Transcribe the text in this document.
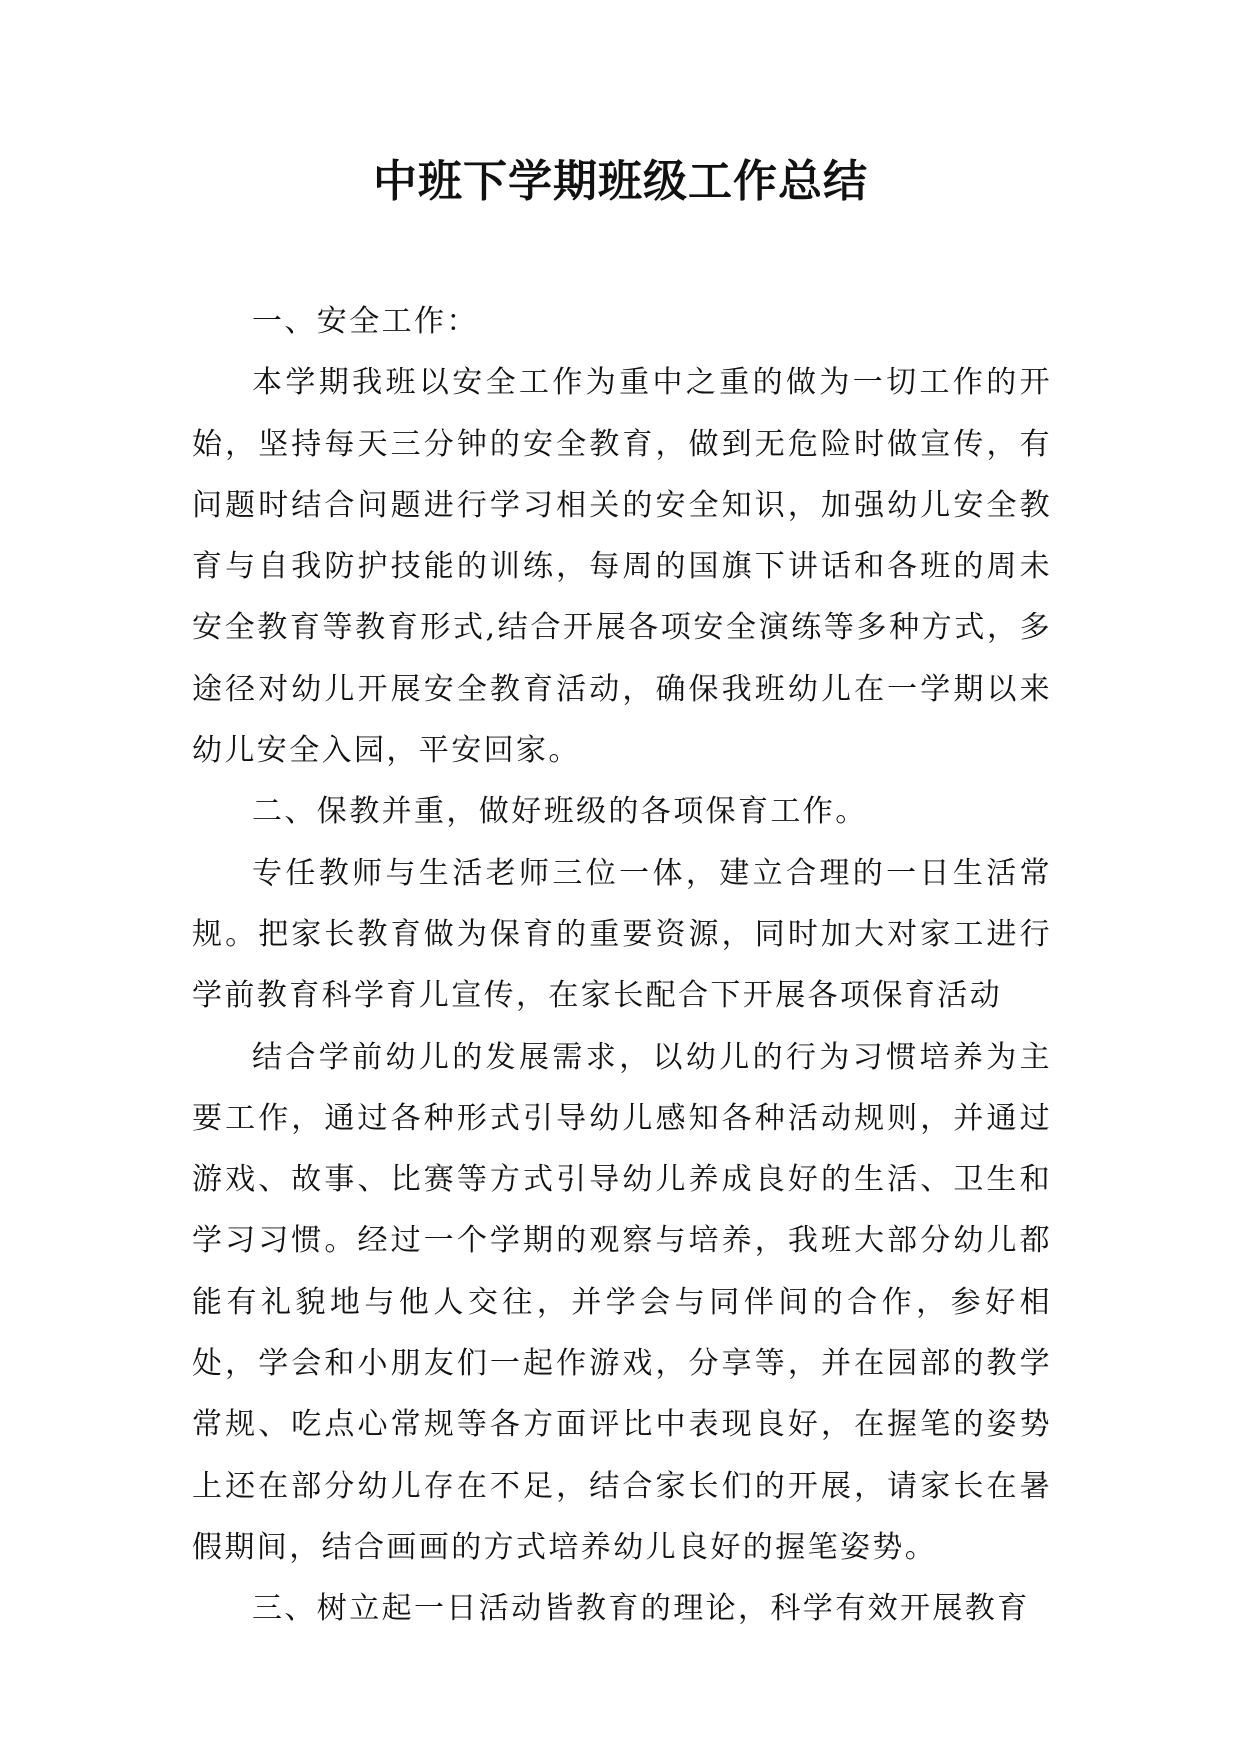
中班下学期班级工作总结

一、安全工作：

本学期我班以安全工作为重中之重的做为一切工作的开始，坚持每天三分钟的安全教育，做到无危险时做宣传，有问题时结合问题进行学习相关的安全知识，加强幼儿安全教育与自我防护技能的训练，每周的国旗下讲话和各班的周未安全教育等教育形式,结合开展各项安全演练等多种方式，多途径对幼儿开展安全教育活动，确保我班幼儿在一学期以来幼儿安全入园，平安回家。

二、保教并重，做好班级的各项保育工作。

专任教师与生活老师三位一体，建立合理的一日生活常规。把家长教育做为保育的重要资源，同时加大对家工进行学前教育科学育儿宣传，在家长配合下开展各项保育活动

结合学前幼儿的发展需求，以幼儿的行为习惯培养为主要工作，通过各种形式引导幼儿感知各种活动规则，并通过游戏、故事、比赛等方式引导幼儿养成良好的生活、卫生和学习习惯。经过一个学期的观察与培养，我班大部分幼儿都能有礼貌地与他人交往，并学会与同伴间的合作，参好相处，学会和小朋友们一起作游戏，分享等，并在园部的教学常规、吃点心常规等各方面评比中表现良好，在握笔的姿势上还在部分幼儿存在不足，结合家长们的开展，请家长在暑假期间，结合画画的方式培养幼儿良好的握笔姿势。

三、树立起一日活动皆教育的理论，科学有效开展教育
